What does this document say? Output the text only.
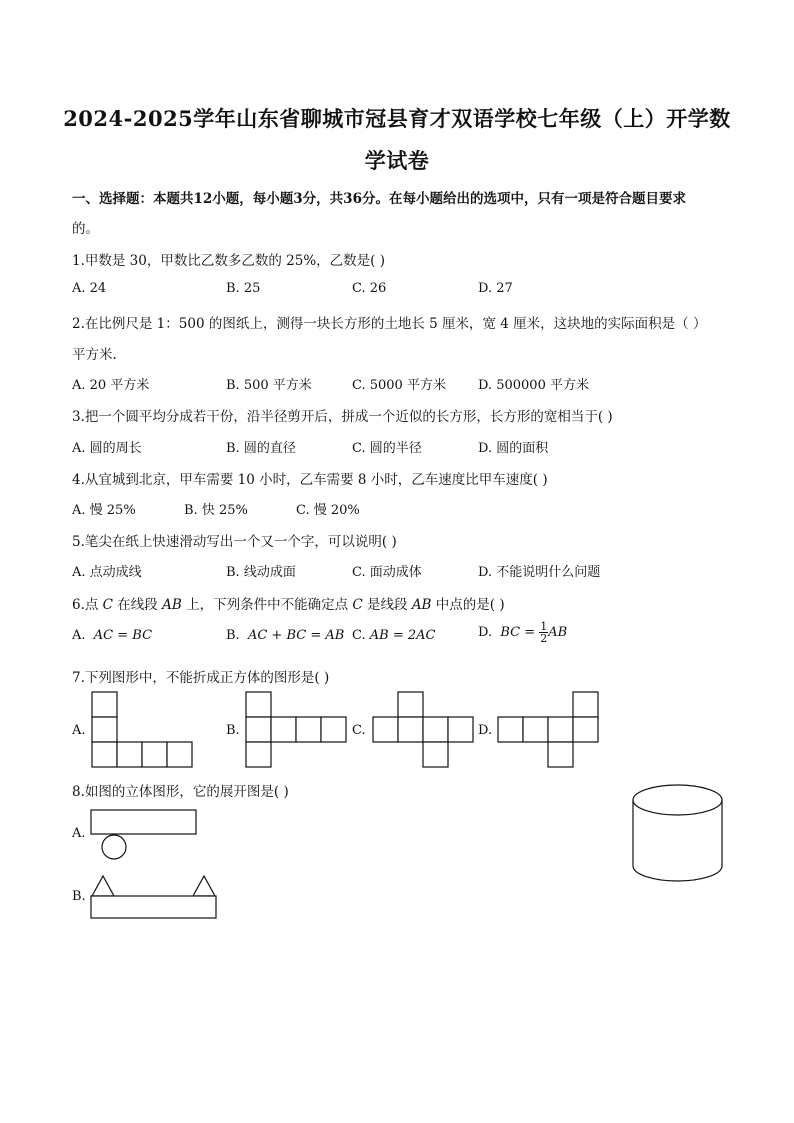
2024-2025学年山东省聊城市冠县育才双语学校七年级（上）开学数
学试卷
一、选择题：本题共12小题，每小题3分，共36分。在每小题给出的选项中，只有一项是符合题目要求
的。
1.甲数是 30，甲数比乙数多乙数的 25%，乙数是( )
A. 24	B. 25	C. 26	D. 27
2.在比例尺是 1：500 的图纸上，测得一块长方形的土地长 5 厘米，宽 4 厘米，这块地的实际面积是（ ）
平方米.
A. 20 平方米	B. 500 平方米	C. 5000 平方米 D. 500000 平方米
3.把一个圆平均分成若干份，沿半径剪开后，拼成一个近似的长方形，长方形的宽相当于( )
A. 圆的周长	B. 圆的直径	C. 圆的半径	D. 圆的面积
4.从宜城到北京，甲车需要 10 小时，乙车需要 8 小时，乙车速度比甲车速度( )
A. 慢 25%	B. 快 25%	C. 慢 20%
5.笔尖在纸上快速滑动写出一个又一个字，可以说明( )
A. 点动成线	B. 线动成面	C. 面动成体	D. 不能说明什么问题
6.点 C 在线段 AB 上，下列条件中不能确定点 C 是线段 AB 中点的是( )
A. AC = BC	B. AC + BC = AB C. AB = 2AC	D. BC = $\frac{1}{2}$ AB
7.下列图形中，不能折成正方体的图形是( )
A.	B.	C.	D.
8.如图的立体图形，它的展开图是( )
A.
B.
